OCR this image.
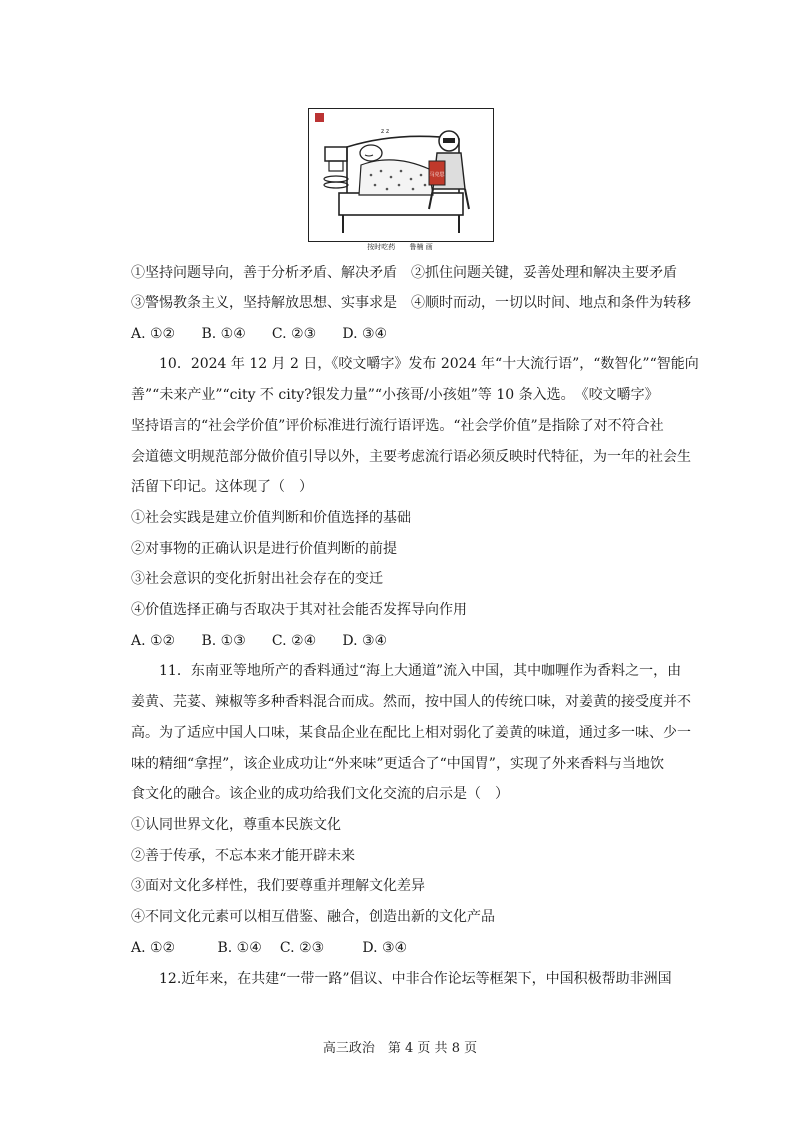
z z
马克思
按时吃药 鲁楠 画
①坚持问题导向，善于分析矛盾、解决矛盾　②抓住问题关键，妥善处理和解决主要矛盾
③警惕教条主义，坚持解放思想、实事求是　④顺时而动，一切以时间、地点和条件为转移
A. ①② B. ①④ C. ②③ D. ③④
10．2024 年 12 月 2 日，《咬文嚼字》发布 2024 年“十大流行语”，“数智化”“智能向
善”“未来产业”“city 不 city?银发力量”“小孩哥/小孩姐”等 10 条入选。　《咬文嚼字》
坚持语言的“社会学价值”评价标准进行流行语评选。“社会学价值”是指除了对不符合社
会道德文明规范部分做价值引导以外，主要考虑流行语必须反映时代特征，为一年的社会生
活留下印记。这体现了（　）
①社会实践是建立价值判断和价值选择的基础
②对事物的正确认识是进行价值判断的前提
③社会意识的变化折射出社会存在的变迁
④价值选择正确与否取决于其对社会能否发挥导向作用
A. ①② B. ①③ C. ②④ D. ③④
11．东南亚等地所产的香料通过“海上大通道”流入中国，其中咖喱作为香料之一，由
姜黄、芫荽、辣椒等多种香料混合而成。然而，按中国人的传统口味，对姜黄的接受度并不
高。为了适应中国人口味，某食品企业在配比上相对弱化了姜黄的味道，通过多一味、少一
味的精细“拿捏”，该企业成功让“外来味”更适合了“中国胃”，实现了外来香料与当地饮
食文化的融合。该企业的成功给我们文化交流的启示是（　）
①认同世界文化，尊重本民族文化
②善于传承，不忘本来才能开辟未来
③面对文化多样性，我们要尊重并理解文化差异
④不同文化元素可以相互借鉴、融合，创造出新的文化产品
A. ①②	B. ①④ C. ②③	D. ③④
12.近年来，在共建“一带一路”倡议、中非合作论坛等框架下，中国积极帮助非洲国
高三政治　第 4 页 共 8 页
